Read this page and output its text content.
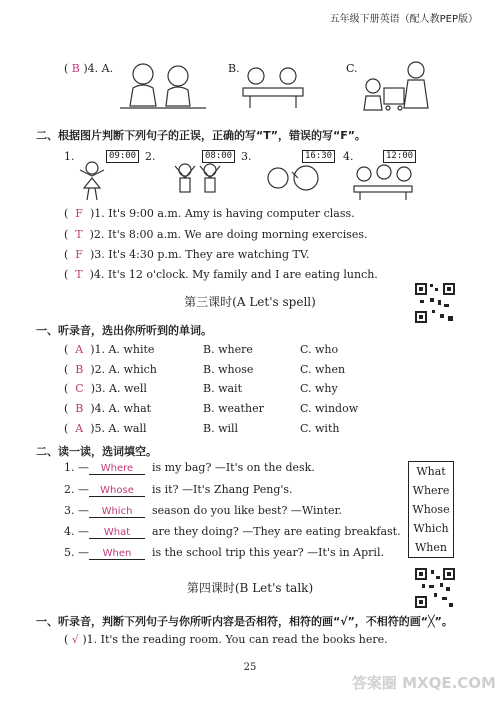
五年级下册英语（配人教PEP版）
( B )4. A.	B.	C.
二、根据图片判断下列句子的正误，正确的写“T”，错误的写“F”。
1.	09:00 2.	08:00 3.	16:30 4.	12:00
(  F )1. It's 9:00 a.m. Amy is having computer class.
(  T )2. It's 8:00 a.m. We are doing morning exercises.
(  F )3. It's 4:30 p.m. They are watching TV.
(  T )4. It's 12 o'clock. My family and I are eating lunch.
第三课时(A Let's spell)
一、听录音，选出你所听到的单词。
(  A )1. A. white	B. where	C. who
(  B )2. A. which	B. whose	C. when
(  C )3. A. well	B. wait	C. why
(  B )4. A. what	B. weather	C. window
(  A )5. A. wall	B. will	C. with
二、读一读，选词填空。
1. — Where is my bag? —It's on the desk.
2. — Whose is it? —It's Zhang Peng's.
3. — Which season do you like best? —Winter.
4. — What are they doing? —They are eating breakfast.
5. — When is the school trip this year? —It's in April.
What
Where
Whose
Which
When
第四课时(B Let's talk)
一、听录音，判断下列句子与你所听内容是否相符，相符的画“√”，不相符的画“╳”。
( √ )1. It's the reading room. You can read the books here.
25
答案圈 MXQE.COM
